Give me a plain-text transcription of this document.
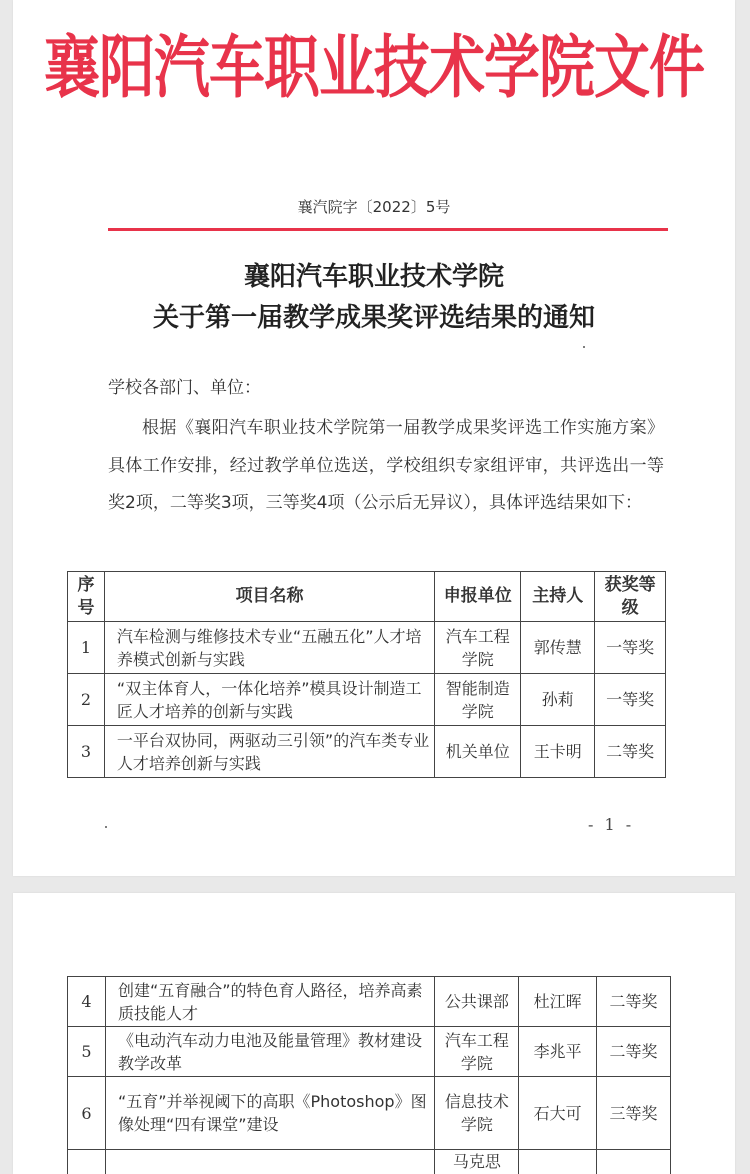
襄阳汽车职业技术学院文件
襄汽院字〔2022〕5号
襄阳汽车职业技术学院
关于第一届教学成果奖评选结果的通知
学校各部门、单位：
根据《襄阳汽车职业技术学院第一届教学成果奖评选工作实施方案》具体工作安排，经过教学单位选送，学校组织专家组评审，共评选出一等奖2项，二等奖3项，三等奖4项（公示后无异议），具体评选结果如下：
序号	项目名称	申报单位	主持人	获奖等级
1	汽车检测与维修技术专业“五融五化”人才培养模式创新与实践	汽车工程学院	郭传慧	一等奖
2	“双主体育人，一体化培养”模具设计制造工匠人才培养的创新与实践	智能制造学院	孙莉	一等奖
3	一平台双协同，两驱动三引领”的汽车类专业人才培养创新与实践	机关单位	王卡明	二等奖
- 1 -
4	创建“五育融合”的特色育人路径，培养高素质技能人才	公共课部	杜江晖	二等奖
5	《电动汽车动力电池及能量管理》教材建设教学改革	汽车工程学院	李兆平	二等奖
6	“五育”并举视阈下的高职《Photoshop》图像处理“四有课堂”建设	信息技术学院	石大可	三等奖
		马克思		
